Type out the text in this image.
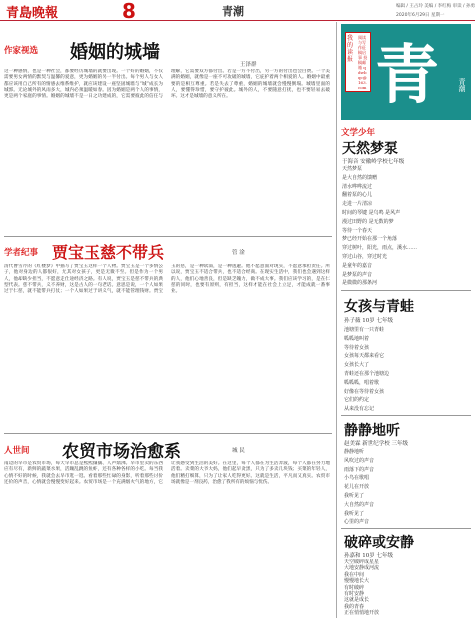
青島晚報	8	青潮	编辑 / 王占玲 美编 / 李红梅 审读 / 孙勇
2020年6月29日 星期一
作家视选 婚姻的城墙
王泽群
这一种感情，也是一种社会，都要经历城墙的就要出现。一个好的婚姻，不仅需要男女两情的默契与温馨的爱意，更为婚姻的另一半付出。每个男人与女人都应该用自己所有的情感去维系维护，就应该建设一座坚固城墙与“城”成长为城郭。无论城外的风雨多大，城内必须温暖如春。因为婚姻是两个人的事情，更是两个家庭的事情。婚姻的城墙不是一日之功建成的，它需要彼此的信任与理解，它需要双方都付出。若是一方不付出，另一方的付出也会白费。一个美满的婚姻，就像是一座不可攻破的城墙，它庇护着两个相爱的人。婚姻中最重要的是相互尊重。若是失去了尊重，婚姻的城墙就会慢慢倒塌。城墙里面的人，要懂得珍惜，要守护彼此。城外的人，不要随意打扰，也不要轻易去破坏。这才是城墙的意义所在。
学者纪事 贾宝玉慈不带兵	管 淦
清代曹雪芹的《红楼梦》中描写了贾宝玉这样一个人物。贾宝玉是一个多情公子，他对身边的人都很好，尤其对女孩子，更是无微不至。但是作为一个男人，他却缺少担当，不愿意走仕途经济之路。有人说，贾宝玉是慈不带兵的典型代表。慈不带兵，义不养财，这是古人的一句老话。意思是说，一个人如果过于仁慈，就不能带兵打仗；一个人如果过于讲义气，就不能管理钱财。贾宝玉的慈，是一种软弱，是一种逃避。他不愿意面对现实，不愿意承担责任。所以说，贾宝玉不适合带兵，也不适合经商。在现实生活中，我们也会遇到这样的人，他们心地善良，但是缺乏魄力，做不成大事。我们应该学习的，是在仁慈的同时，也要有原则，有担当，这样才能在社会上立足，才能成就一番事业。
人世间 农贸市场治愈系	城 民
南边的早市是农贸市场，每天早市总是熙熙攘攘、人声鼎沸。早市里卖的东西应有尽有，新鲜的蔬菜水果，活蹦乱跳的鱼虾，还有各种各样的小吃。每当我心情不好的时候，我就会去早市逛一逛。看着那些忙碌的身影，听着那些讨价还价的声音，心情就会慢慢变好起来。农贸市场是一个充满烟火气的地方，它让我感受到生活的美好。在这里，每个人都在为生活奔波，每个人都在努力地活着。卖菜的大爷大妈，他们起早贪黑，只为了多卖几块钱；买菜的年轻人，他们精打细算，只为了让家人吃得更好。这就是生活，平凡而又真实。农贸市场就像是一剂良药，治愈了我所有的烦恼与忧伤。
青	青潮
我的读报
阅读与写作征稿启事 投稿邮箱 qdwbqc@163.com
文学少年
天然梦泵
于海音 安徽岭学校七年级
天然梦泵
是大自然的馈赠
清水哗哗流过
翻着泵的心儿
走进一片清凉
时间的琴键 是鸟鸣 是风声
漫过田野的 是无数的梦
等待一个春天
梦已经开始在那一个角落
穿过树叶，阳光，雨点，溪水……
穿过山谷，穿过时光
是童年的嘉音
是梦泵的声音
是微微的那条河
女孩与青蛙
孙子薇 10岁 七年级
池塘里有一只青蛙
呱呱地叫着
等待着女孩
女孩每天都来看它
女孩长大了
青蛙还在那个池塘边
呱呱呱，唱着歌
好像在等待着女孩
它们的约定
从来没有忘记
静静地听
赵美霖 新世纪学校 三年级
静静地听
风吹过的声音
雨落下的声音
小鸟在歌唱
花儿在开放
我听见了
大自然的声音
我听见了
心里的声音
破碎或安静
孙嘉和 10岁 七年级
天空破碎成星星
大地安静成河流
我在中间
慢慢地长大
有时破碎
有时安静
这就是成长
我的青春
正在悄悄地开放
